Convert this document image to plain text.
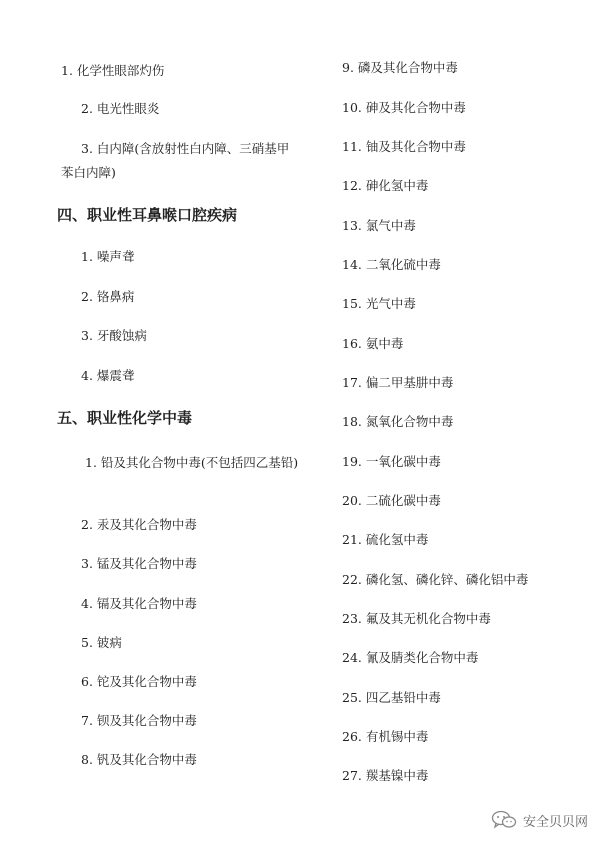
1. 化学性眼部灼伤
2. 电光性眼炎
3. 白内障(含放射性白内障、三硝基甲苯白内障)
四、职业性耳鼻喉口腔疾病
1. 噪声聋
2. 铬鼻病
3. 牙酸蚀病
4. 爆震聋
五、职业性化学中毒
1. 铅及其化合物中毒(不包括四乙基铅)
2. 汞及其化合物中毒
3. 锰及其化合物中毒
4. 镉及其化合物中毒
5. 铍病
6. 铊及其化合物中毒
7. 钡及其化合物中毒
8. 钒及其化合物中毒
9. 磷及其化合物中毒
10. 砷及其化合物中毒
11. 铀及其化合物中毒
12. 砷化氢中毒
13. 氯气中毒
14. 二氧化硫中毒
15. 光气中毒
16. 氨中毒
17. 偏二甲基肼中毒
18. 氮氧化合物中毒
19. 一氧化碳中毒
20. 二硫化碳中毒
21. 硫化氢中毒
22. 磷化氢、磷化锌、磷化铝中毒
23. 氟及其无机化合物中毒
24. 氰及腈类化合物中毒
25. 四乙基铅中毒
26. 有机锡中毒
27. 羰基镍中毒
安全贝贝网
